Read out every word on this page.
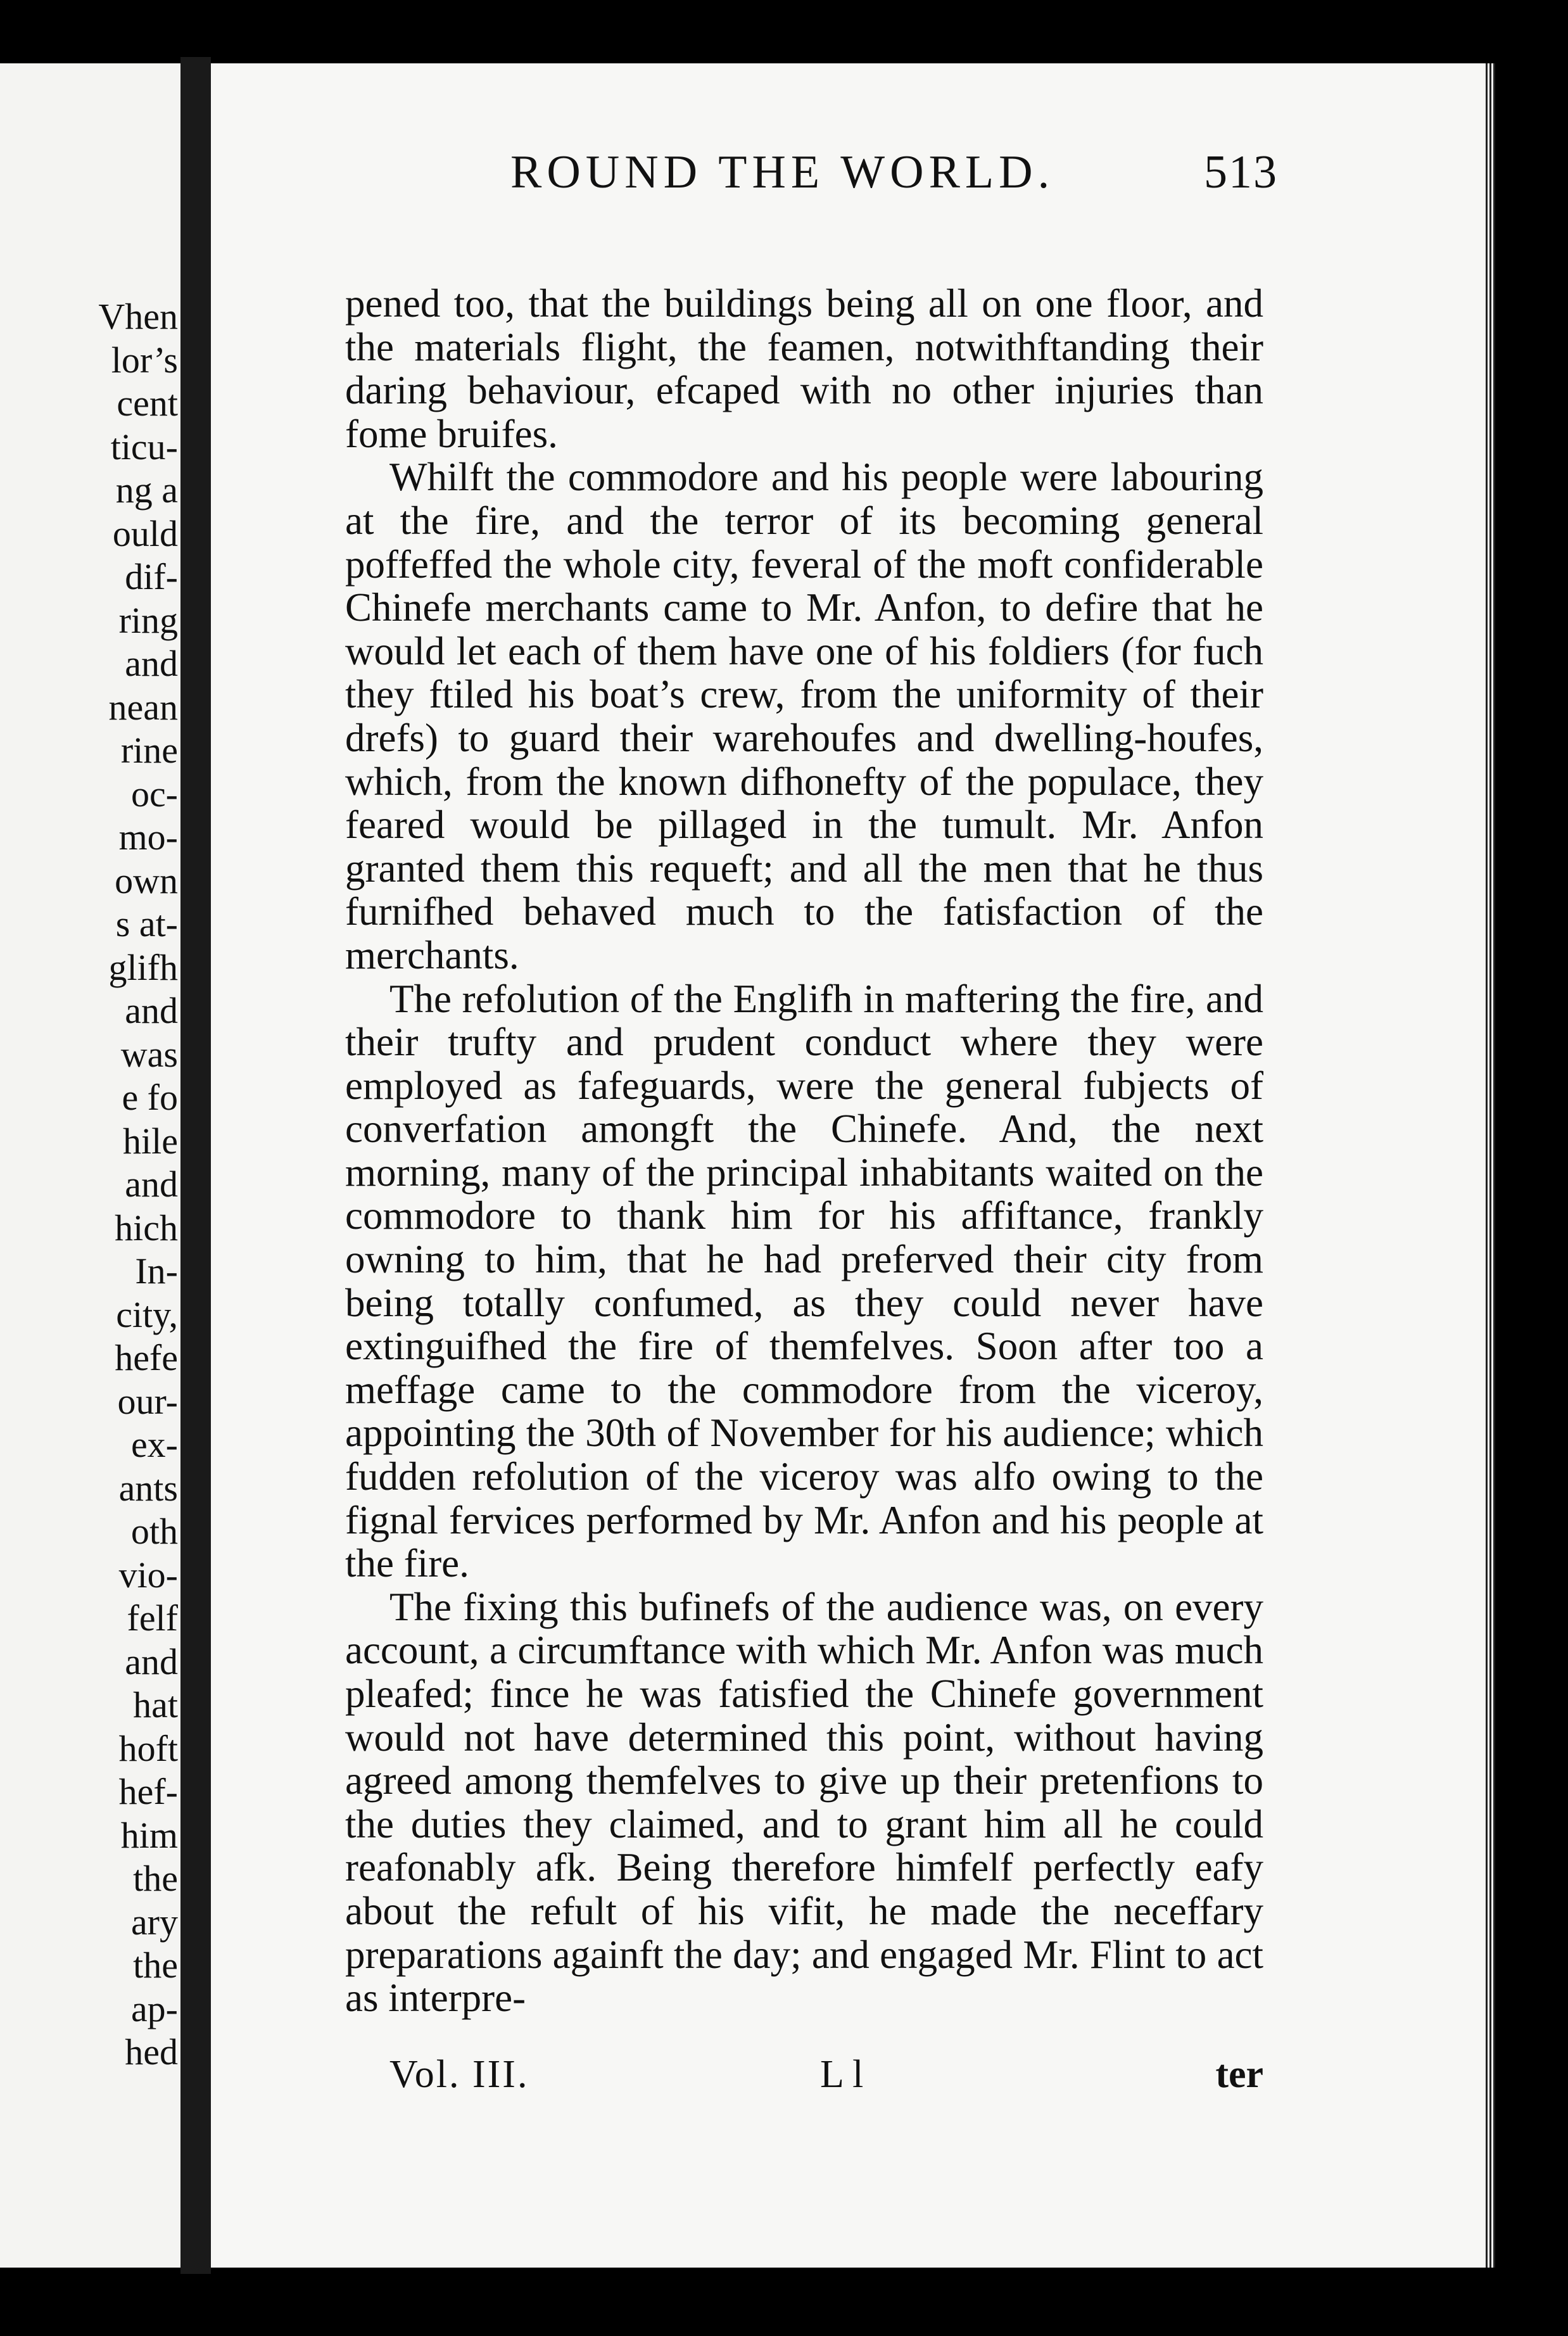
Vhen
lor’s
cent
ticu-
ng a
ould
dif-
ring
and
nean
rine
oc-
mo-
own
s at-
glifh
and
was
e fo
hile
and
hich
In-
city,
hefe
our-
ex-
ants
oth
vio-
felf
and
hat
hoft
hef-
him
the
ary
the
ap-
hed
ROUND THE WORLD.	513

pened too, that the buildings being all on one floor, and the materials flight, the feamen, notwithftanding their daring behaviour, efcaped with no other injuries than fome bruifes.

Whilft the commodore and his people were labouring at the fire, and the terror of its becoming general poffeffed the whole city, feveral of the moft confiderable Chinefe merchants came to Mr. Anfon, to defire that he would let each of them have one of his foldiers (for fuch they ftiled his boat’s crew, from the uniformity of their drefs) to guard their warehoufes and dwelling-houfes, which, from the known difhonefty of the populace, they feared would be pillaged in the tumult. Mr. Anfon granted them this requeft; and all the men that he thus furnifhed behaved much to the fatisfaction of the merchants.

The refolution of the Englifh in maftering the fire, and their trufty and prudent conduct where they were employed as fafeguards, were the general fubjects of converfation amongft the Chinefe. And, the next morning, many of the principal inhabitants waited on the commodore to thank him for his affiftance, frankly owning to him, that he had preferved their city from being totally confumed, as they could never have extinguifhed the fire of themfelves. Soon after too a meffage came to the commodore from the viceroy, appointing the 30th of November for his audience; which fudden refolution of the viceroy was alfo owing to the fignal fervices performed by Mr. Anfon and his people at the fire.

The fixing this bufinefs of the audience was, on every account, a circumftance with which Mr. Anfon was much pleafed; fince he was fatisfied the Chinefe government would not have determined this point, without having agreed among themfelves to give up their pretenfions to the duties they claimed, and to grant him all he could reafonably afk. Being therefore himfelf perfectly eafy about the refult of his vifit, he made the neceffary preparations againft the day; and engaged Mr. Flint to act as interpre-

Vol. III.	L l	ter
